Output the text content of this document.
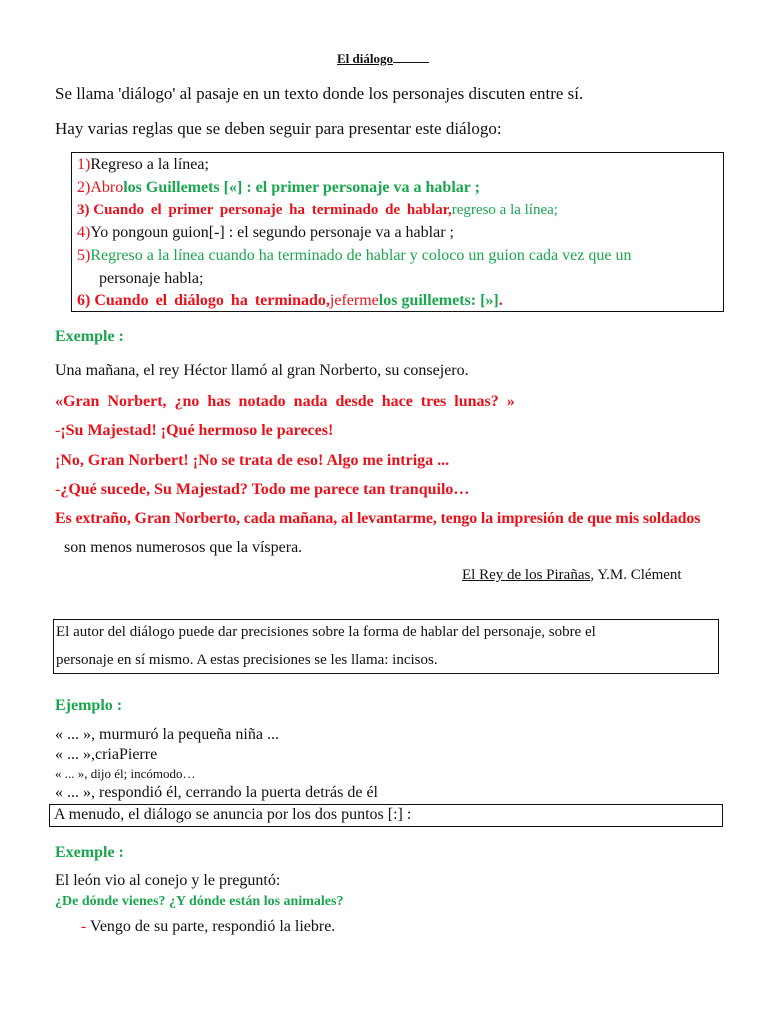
El diálogo
Se llama 'diálogo' al pasaje en un texto donde los personajes discuten entre sí.
Hay varias reglas que se deben seguir para presentar este diálogo:
1)Regreso a la línea;
2)Abrolos Guillemets [«] : el primer personaje va a hablar ;
3) Cuando el primer personaje ha terminado de hablar,regreso a la línea;
4)Yo pongoun guion[-] : el segundo personaje va a hablar ;
5)Regreso a la línea cuando ha terminado de hablar y coloco un guion cada vez que un
personaje habla;
6) Cuando el diálogo ha terminado,jefermelos guillemets: [»].
Exemple :
Una mañana, el rey Héctor llamó al gran Norberto, su consejero.
«Gran Norbert, ¿no has notado nada desde hace tres lunas? »
-¡Su Majestad! ¡Qué hermoso le pareces!
¡No, Gran Norbert! ¡No se trata de eso! Algo me intriga ...
-¿Qué sucede, Su Majestad? Todo me parece tan tranquilo…
Es extraño, Gran Norberto, cada mañana, al levantarme, tengo la impresión de que mis soldados
son menos numerosos que la víspera.
El Rey de los Pirañas, Y.M. Clément
El autor del diálogo puede dar precisiones sobre la forma de hablar del personaje, sobre el
personaje en sí mismo. A estas precisiones se les llama: incisos.
Ejemplo :
« ... », murmuró la pequeña niña ...
« ... »,criaPierre
« ... », dijo él; incómodo…
« ... », respondió él, cerrando la puerta detrás de él
A menudo, el diálogo se anuncia por los dos puntos [:] :
Exemple :
El león vio al conejo y le preguntó:
¿De dónde vienes? ¿Y dónde están los animales?
- Vengo de su parte, respondió la liebre.
